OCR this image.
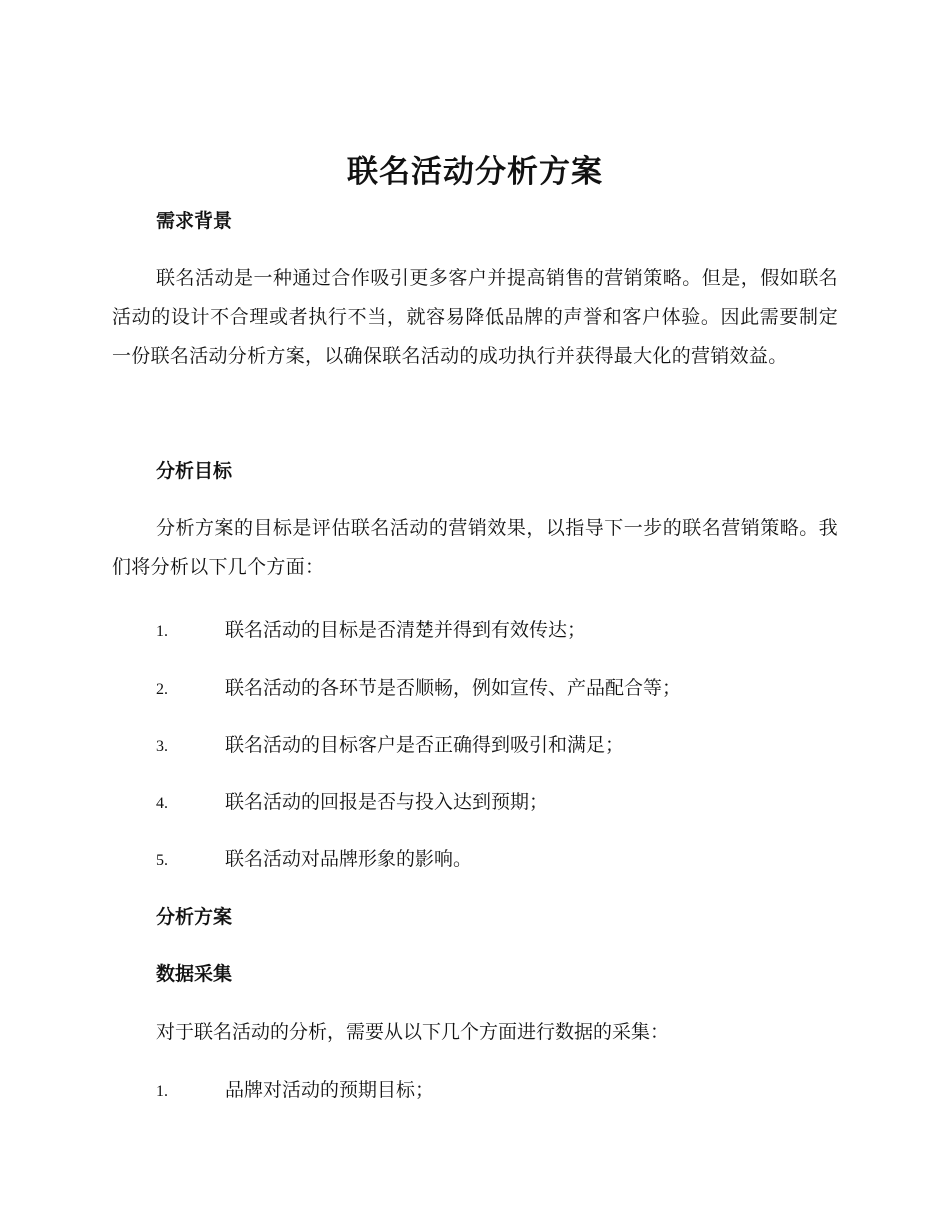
联名活动分析方案
需求背景
联名活动是一种通过合作吸引更多客户并提高销售的营销策略。但是，假如联名活动的设计不合理或者执行不当，就容易降低品牌的声誉和客户体验。因此需要制定一份联名活动分析方案，以确保联名活动的成功执行并获得最大化的营销效益。
分析目标
分析方案的目标是评估联名活动的营销效果，以指导下一步的联名营销策略。我们将分析以下几个方面：
1.	联名活动的目标是否清楚并得到有效传达；
2.	联名活动的各环节是否顺畅，例如宣传、产品配合等；
3.	联名活动的目标客户是否正确得到吸引和满足；
4.	联名活动的回报是否与投入达到预期；
5.	联名活动对品牌形象的影响。
分析方案
数据采集
对于联名活动的分析，需要从以下几个方面进行数据的采集：
1.	品牌对活动的预期目标；
